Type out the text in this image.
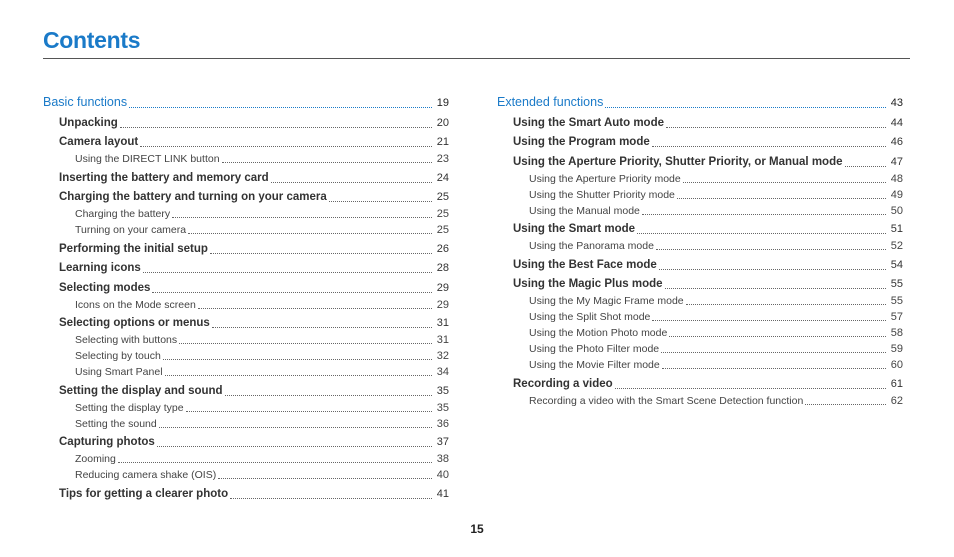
Contents
Basic functions	19
Unpacking	20
Camera layout	21
Using the DIRECT LINK button	23
Inserting the battery and memory card	24
Charging the battery and turning on your camera	25
Charging the battery	25
Turning on your camera	25
Performing the initial setup	26
Learning icons	28
Selecting modes	29
Icons on the Mode screen	29
Selecting options or menus	31
Selecting with buttons	31
Selecting by touch	32
Using Smart Panel	34
Setting the display and sound	35
Setting the display type	35
Setting the sound	36
Capturing photos	37
Zooming	38
Reducing camera shake (OIS)	40
Tips for getting a clearer photo	41
Extended functions	43
Using the Smart Auto mode	44
Using the Program mode	46
Using the Aperture Priority, Shutter Priority, or Manual mode	47
Using the Aperture Priority mode	48
Using the Shutter Priority mode	49
Using the Manual mode	50
Using the Smart mode	51
Using the Panorama mode	52
Using the Best Face mode	54
Using the Magic Plus mode	55
Using the My Magic Frame mode	55
Using the Split Shot mode	57
Using the Motion Photo mode	58
Using the Photo Filter mode	59
Using the Movie Filter mode	60
Recording a video	61
Recording a video with the Smart Scene Detection function	62
15
